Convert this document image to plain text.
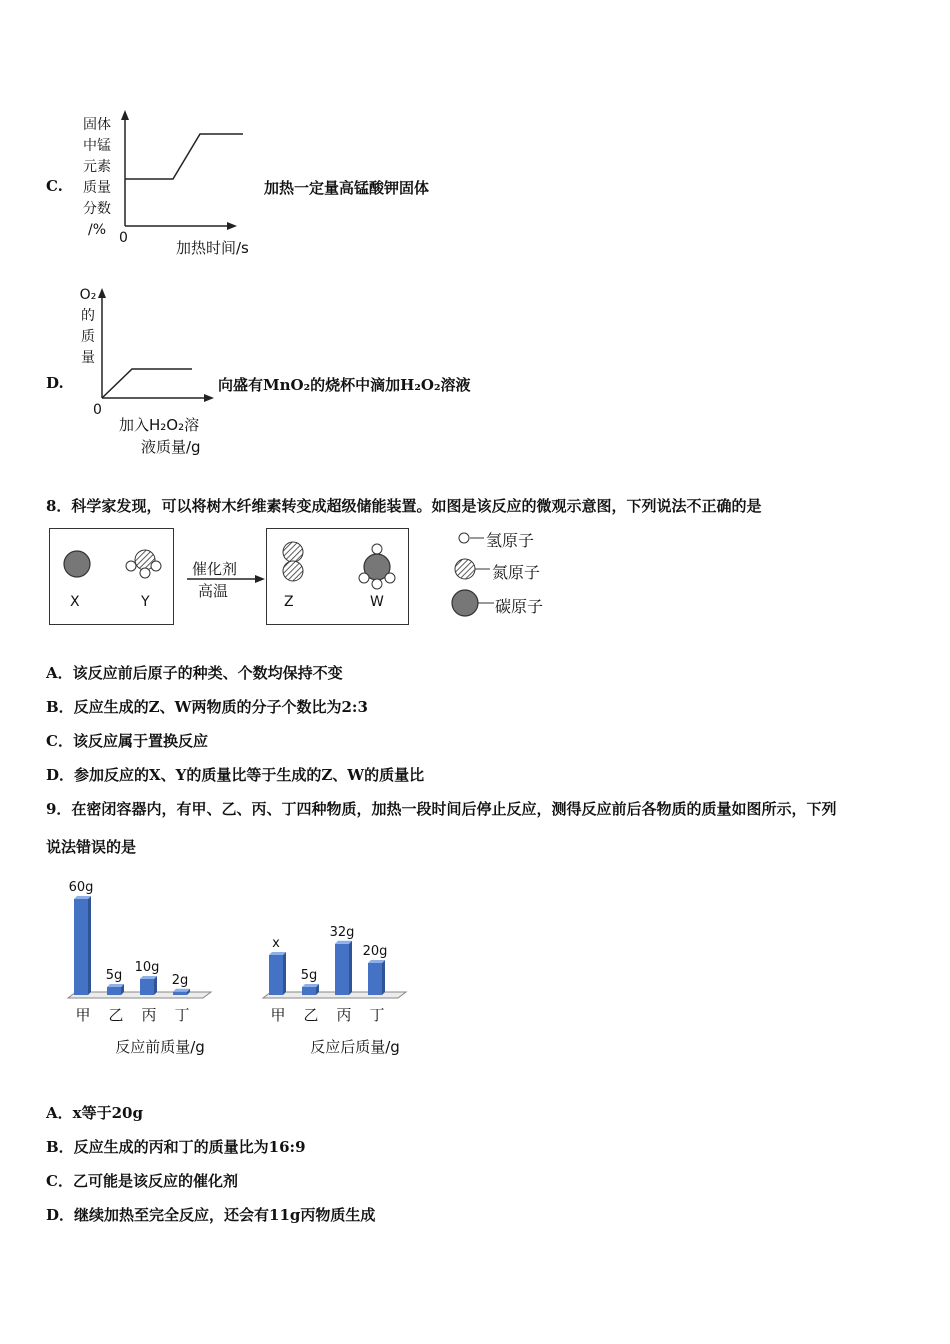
C.
固体
中锰
元素
质量
分数
/% 0
加热时间/s
加热一定量高锰酸钾固体
D.
O₂
的
质
量
0
加入H₂O₂溶
液质量/g
向盛有MnO₂的烧杯中滴加H₂O₂溶液
8．科学家发现，可以将树木纤维素转变成超级储能装置。如图是该反应的微观示意图，下列说法不正确的是
X	Y
催化剂
高温
Z	W
氢原子
氮原子
碳原子
A．该反应前后原子的种类、个数均保持不变
B．反应生成的Z、W两物质的分子个数比为2:3
C．该反应属于置换反应
D．参加反应的X、Y的质量比等于生成的Z、W的质量比
9．在密闭容器内，有甲、乙、丙、丁四种物质，加热一段时间后停止反应，测得反应前后各物质的质量如图所示，下列
说法错误的是
60g
甲
5g
乙
10g
丙
2g
丁
反应前质量/g
x
甲
5g
乙
32g
丙
20g
丁
反应后质量/g
A．x等于20g
B．反应生成的丙和丁的质量比为16:9
C．乙可能是该反应的催化剂
D．继续加热至完全反应，还会有11g丙物质生成
